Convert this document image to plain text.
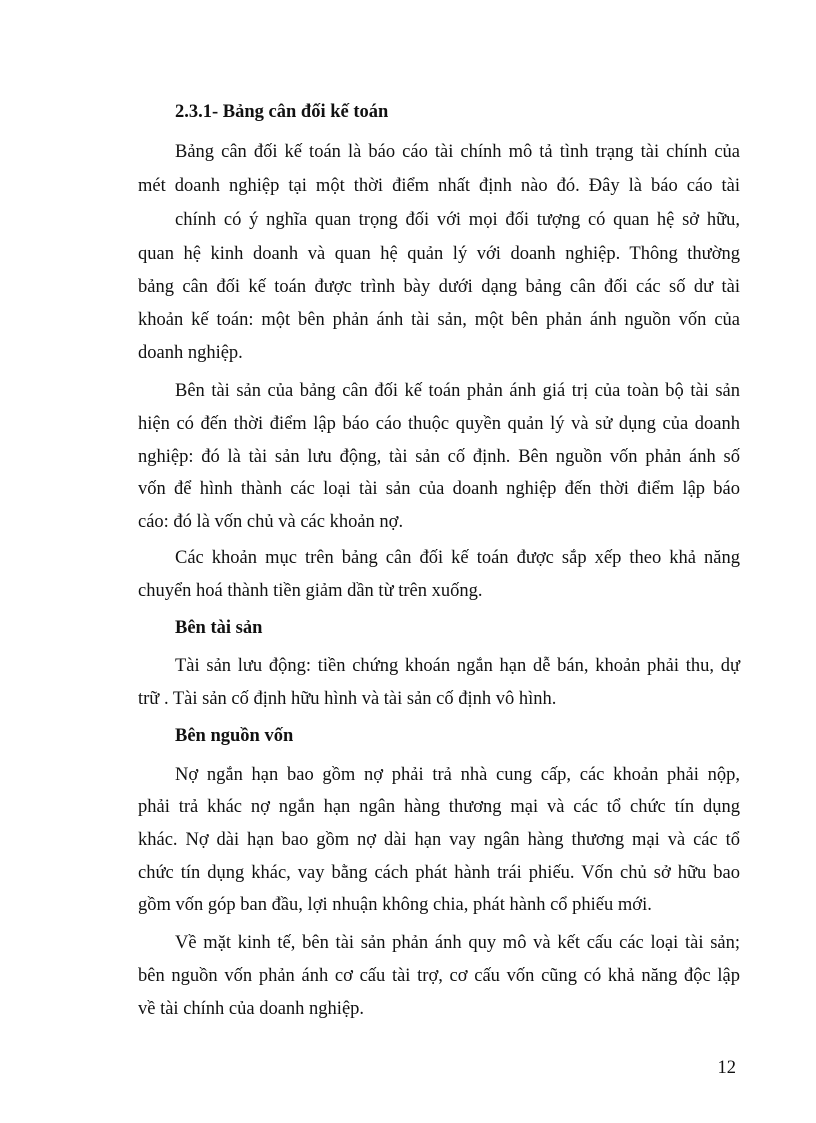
2.3.1- Bảng cân đối kế toán
Bảng cân đối kế toán là báo cáo tài chính mô tả tình trạng tài chính của
mét doanh nghiệp tại một thời điểm nhất định nào đó. Đây là báo cáo tài
chính có ý nghĩa quan trọng đối với mọi đối tượng có quan hệ sở hữu,
quan hệ kinh doanh và quan hệ quản lý với doanh nghiệp. Thông thường
bảng cân đối kế toán được trình bày dưới dạng bảng cân đối các số dư tài
khoản kế toán: một bên phản ánh tài sản, một bên phản ánh nguồn vốn của
doanh nghiệp.
Bên tài sản của bảng cân đối kế toán phản ánh giá trị của toàn bộ tài sản
hiện có đến thời điểm lập báo cáo thuộc quyền quản lý và sử dụng của doanh
nghiệp: đó là tài sản lưu động, tài sản cố định. Bên nguồn vốn phản ánh số
vốn để hình thành các loại tài sản của doanh nghiệp đến thời điểm lập báo
cáo: đó là vốn chủ và các khoản nợ.
Các khoản mục trên bảng cân đối kế toán được sắp xếp theo khả năng
chuyển hoá thành tiền giảm dần từ trên xuống.
Bên tài sản
Tài sản lưu động: tiền chứng khoán ngắn hạn dễ bán, khoản phải thu, dự
trữ . Tài sản cố định hữu hình và tài sản cố định vô hình.
Bên nguồn vốn
Nợ ngắn hạn bao gồm nợ phải trả nhà cung cấp, các khoản phải nộp,
phải trả khác nợ ngắn hạn ngân hàng thương mại và các tổ chức tín dụng
khác. Nợ dài hạn bao gồm nợ dài hạn vay ngân hàng thương mại và các tổ
chức tín dụng khác, vay bằng cách phát hành trái phiếu. Vốn chủ sở hữu bao
gồm vốn góp ban đầu, lợi nhuận không chia, phát hành cổ phiếu mới.
Về mặt kinh tế, bên tài sản phản ánh quy mô và kết cấu các loại tài sản;
bên nguồn vốn phản ánh cơ cấu tài trợ, cơ cấu vốn cũng có khả năng độc lập
về tài chính của doanh nghiệp.
12
